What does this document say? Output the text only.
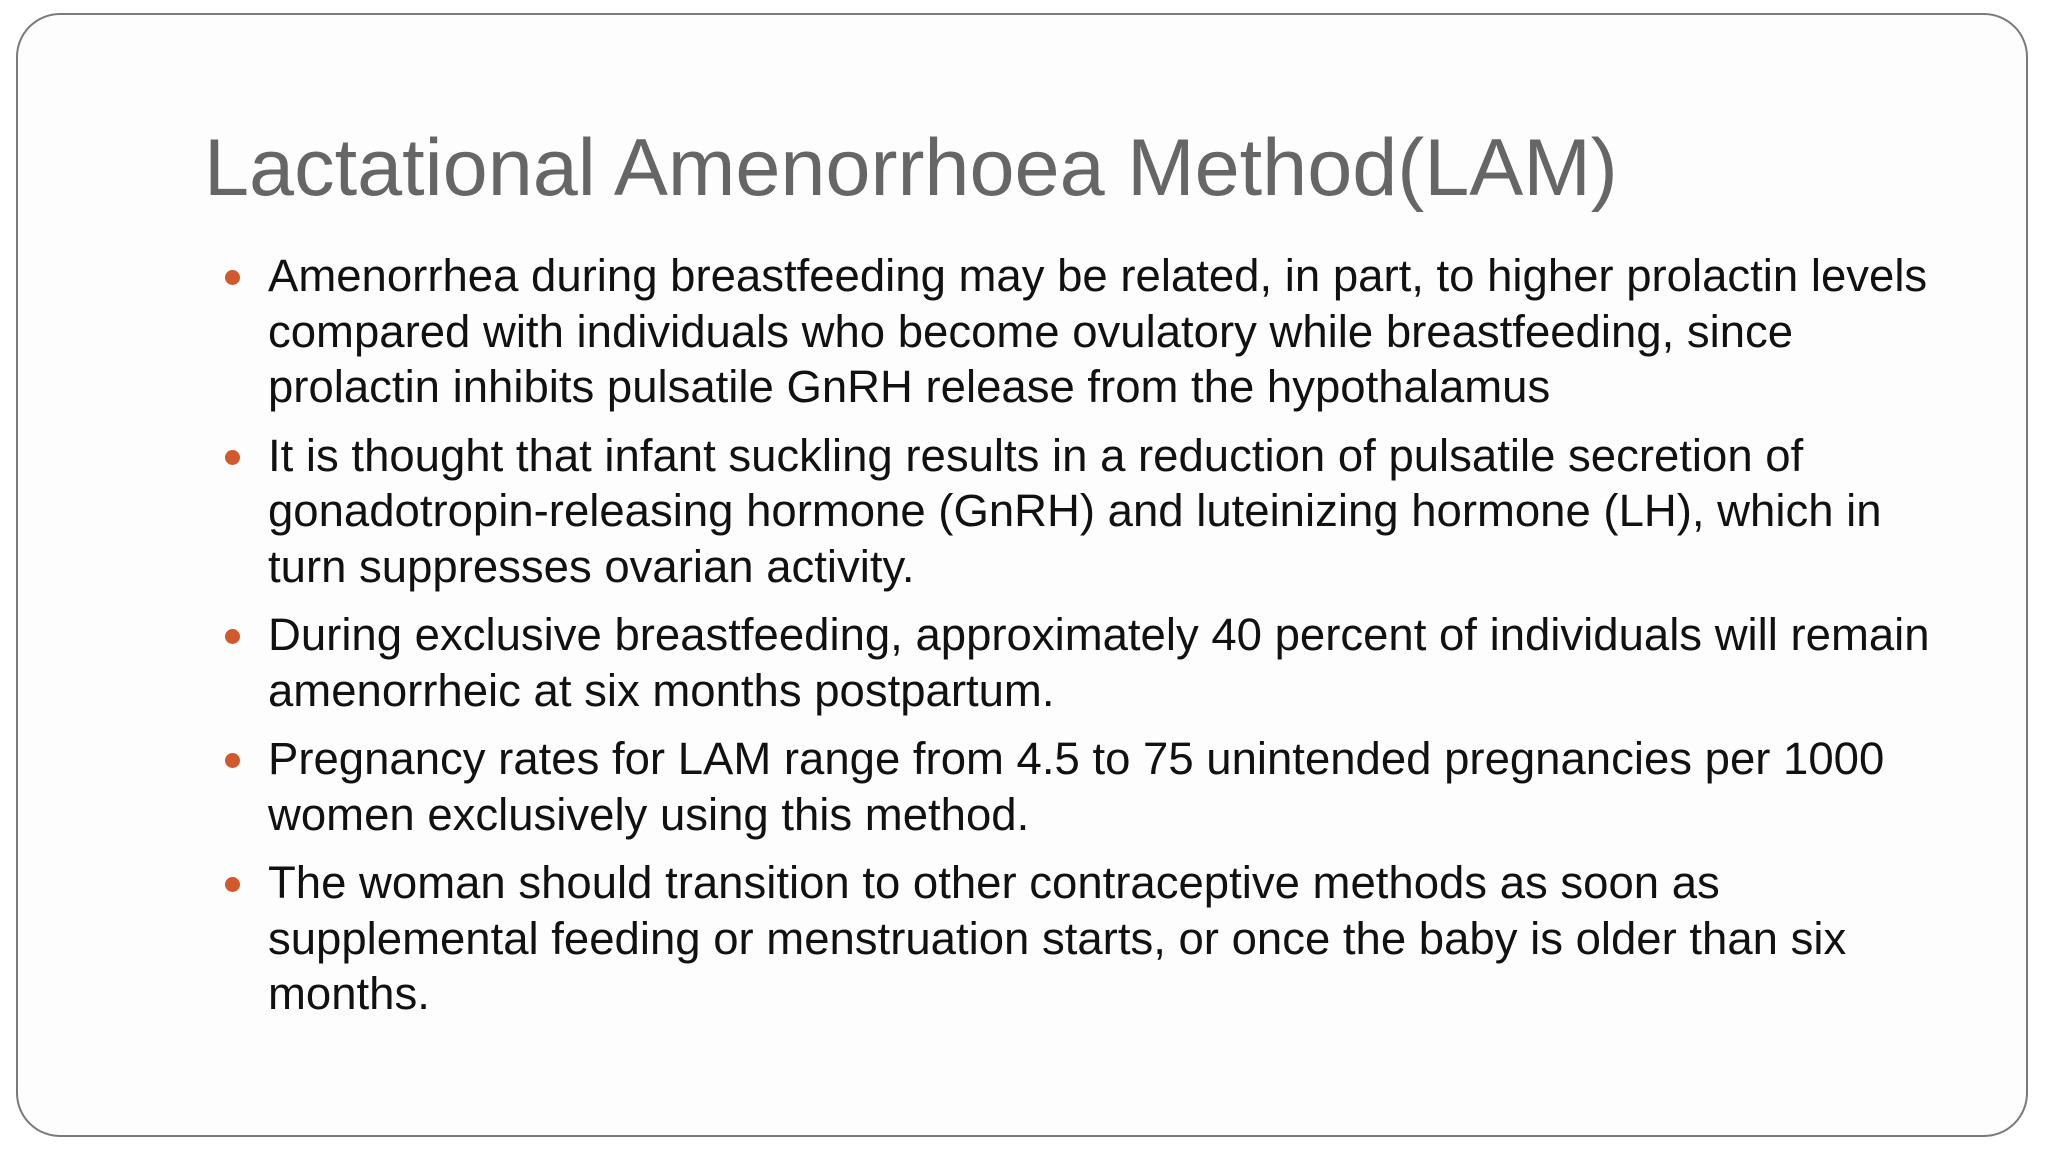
Lactational Amenorrhoea Method(LAM)
Amenorrhea during breastfeeding may be related, in part, to higher prolactin levels compared with individuals who become ovulatory while breastfeeding, since prolactin inhibits pulsatile GnRH release from the hypothalamus
It is thought that infant suckling results in a reduction of pulsatile secretion of gonadotropin-releasing hormone (GnRH) and luteinizing hormone (LH), which in turn suppresses ovarian activity.
During exclusive breastfeeding, approximately 40 percent of individuals will remain amenorrheic at six months postpartum.
Pregnancy rates for LAM range from 4.5 to 75 unintended pregnancies per 1000 women exclusively using this method.
The woman should transition to other contraceptive methods as soon as supplemental feeding or menstruation starts, or once the baby is older than six months.
